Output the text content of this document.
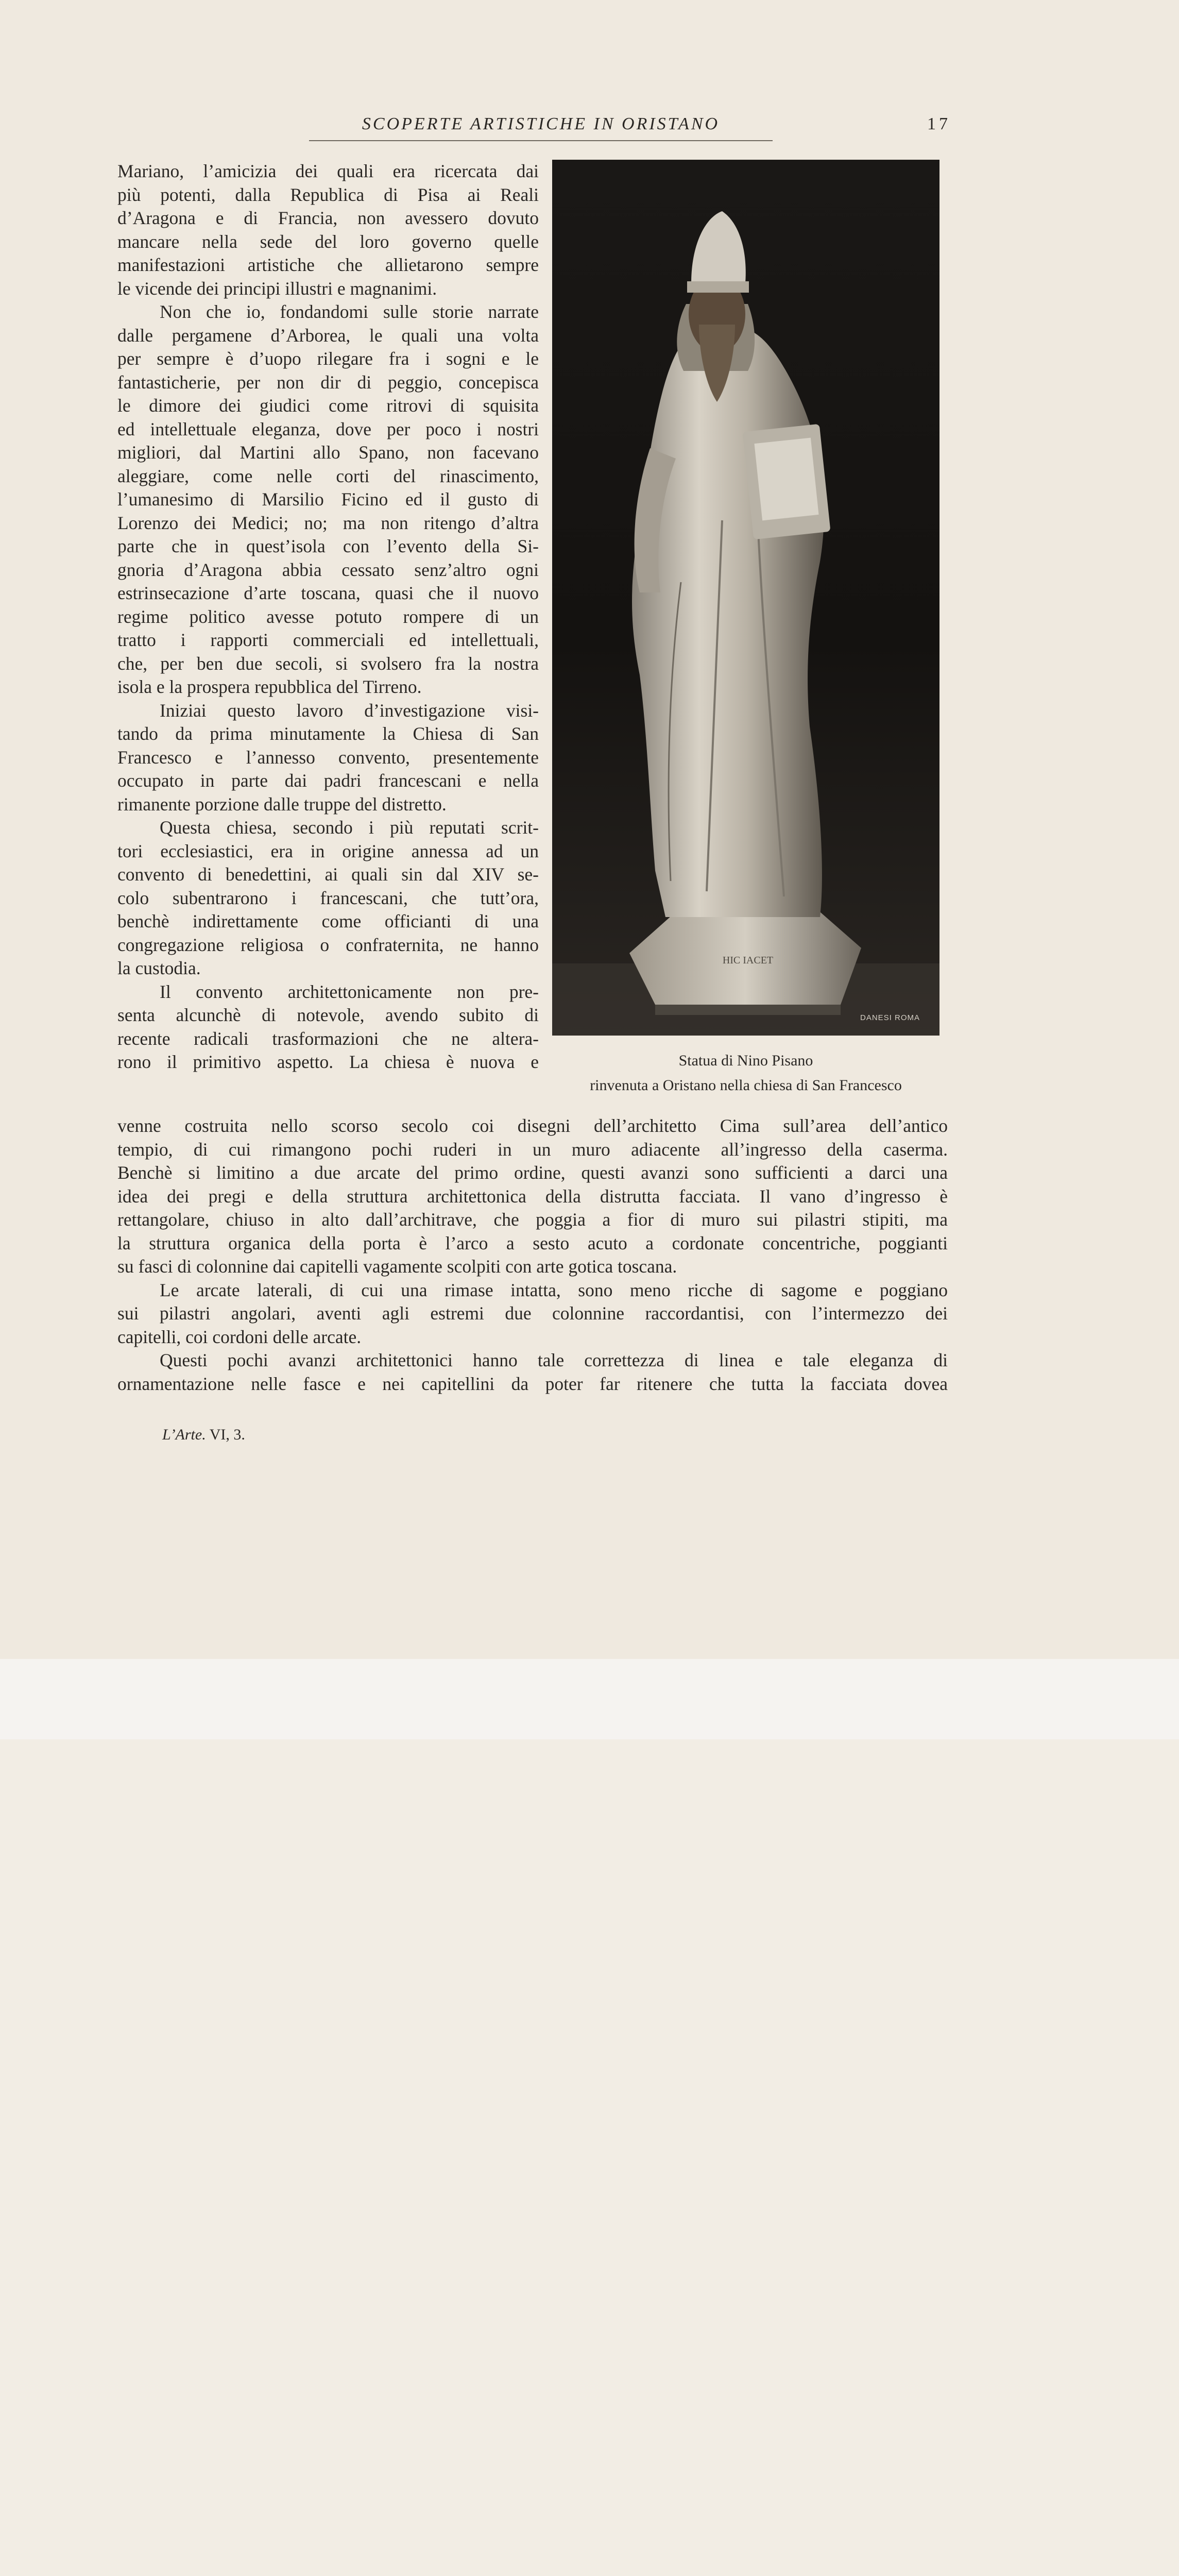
SCOPERTE ARTISTICHE IN ORISTANO	17

Mariano, l’amicizia dei quali era ricercata dai

più potenti, dalla Republica di Pisa ai Reali

d’Aragona e di Francia, non avessero dovuto

mancare nella sede del loro governo quelle

manifestazioni artistiche che allietarono sempre

le vicende dei principi illustri e magnanimi.

Non che io, fondandomi sulle storie narrate

dalle pergamene d’Arborea, le quali una volta

per sempre è d’uopo rilegare fra i sogni e le

fantasticherie, per non dir di peggio, concepisca

le dimore dei giudici come ritrovi di squisita

ed intellettuale eleganza, dove per poco i nostri

migliori, dal Martini allo Spano, non facevano

aleggiare, come nelle corti del rinascimento,

l’umanesimo di Marsilio Ficino ed il gusto di

Lorenzo dei Medici; no; ma non ritengo d’altra

parte che in quest’isola con l’evento della Si-

gnoria d’Aragona abbia cessato senz’altro ogni

estrinsecazione d’arte toscana, quasi che il nuovo

regime politico avesse potuto rompere di un

tratto i rapporti commerciali ed intellettuali,

che, per ben due secoli, si svolsero fra la nostra

isola e la prospera repubblica del Tirreno.

Iniziai questo lavoro d’investigazione visi-

tando da prima minutamente la Chiesa di San

Francesco e l’annesso convento, presentemente

occupato in parte dai padri francescani e nella

rimanente porzione dalle truppe del distretto.

Questa chiesa, secondo i più reputati scrit-

tori ecclesiastici, era in origine annessa ad un

convento di benedettini, ai quali sin dal XIV se-

colo subentrarono i francescani, che tutt’ora,

benchè indirettamente come officianti di una

congregazione religiosa o confraternita, ne hanno

la custodia.

Il convento architettonicamente non pre-

senta alcunchè di notevole, avendo subito di

recente radicali trasformazioni che ne altera-

rono il primitivo aspetto. La chiesa è nuova e

HIC IACET
DANESI ROMA
Statua di Nino Pisano
rinvenuta a Oristano nella chiesa di San Francesco

venne costruita nello scorso secolo coi disegni dell’architetto Cima sull’area dell’antico

tempio, di cui rimangono pochi ruderi in un muro adiacente all’ingresso della caserma.

Benchè si limitino a due arcate del primo ordine, questi avanzi sono sufficienti a darci una

idea dei pregi e della struttura architettonica della distrutta facciata. Il vano d’ingresso è

rettangolare, chiuso in alto dall’architrave, che poggia a fior di muro sui pilastri stipiti, ma

la struttura organica della porta è l’arco a sesto acuto a cordonate concentriche, poggianti

su fasci di colonnine dai capitelli vagamente scolpiti con arte gotica toscana.

Le arcate laterali, di cui una rimase intatta, sono meno ricche di sagome e poggiano

sui pilastri angolari, aventi agli estremi due colonnine raccordantisi, con l’intermezzo dei

capitelli, coi cordoni delle arcate.

Questi pochi avanzi architettonici hanno tale correttezza di linea e tale eleganza di

ornamentazione nelle fasce e nei capitellini da poter far ritenere che tutta la facciata dovea

L’Arte. VI, 3.
